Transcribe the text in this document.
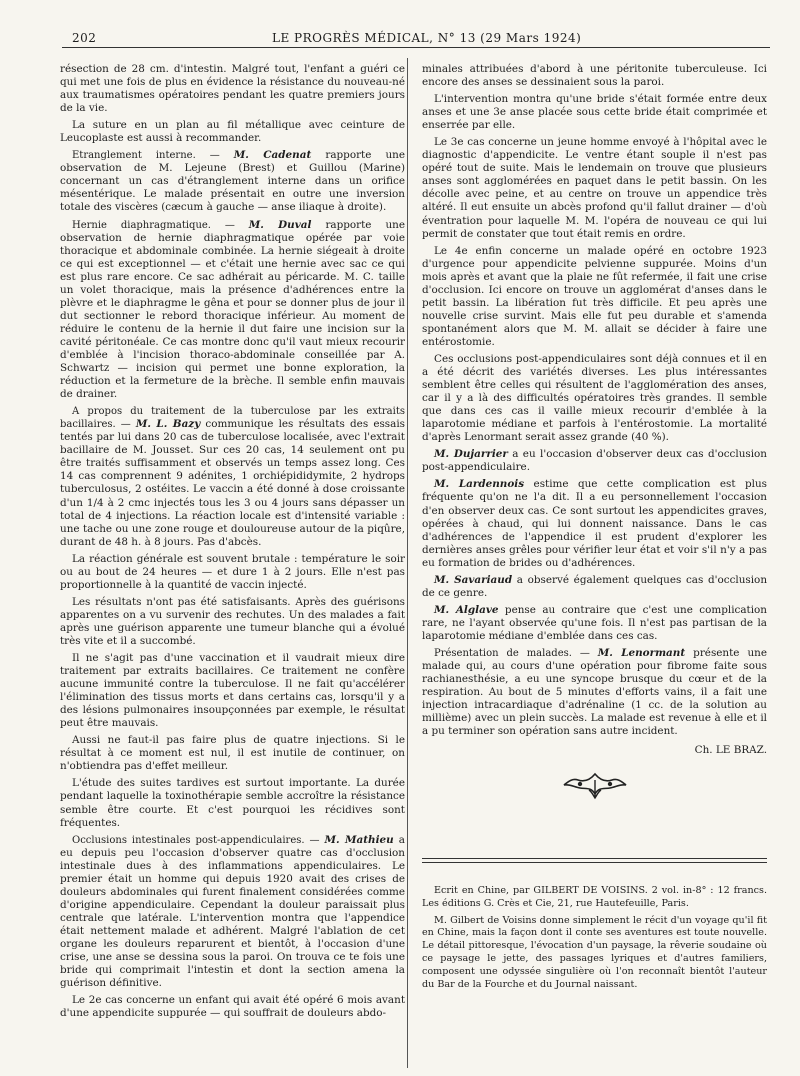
202	LE PROGRÈS MÉDICAL, N° 13 (29 Mars 1924)

résection de 28 cm. d'intestin. Malgré tout, l'enfant a guéri ce qui met une fois de plus en évidence la résistance du nouveau-né aux traumatismes opératoires pendant les quatre premiers jours de la vie.

La suture en un plan au fil métallique avec ceinture de Leucoplaste est aussi à recommander.

Etranglement interne. — M. Cadenat rapporte une observation de M. Lejeune (Brest) et Guillou (Marine) concernant un cas d'étranglement interne dans un orifice mésentérique. Le malade présentait en outre une inversion totale des viscères (cæcum à gauche — anse iliaque à droite).

Hernie diaphragmatique. — M. Duval rapporte une observation de hernie diaphragmatique opérée par voie thoracique et abdominale combinée. La hernie siégeait à droite ce qui est exceptionnel — et c'était une hernie avec sac ce qui est plus rare encore. Ce sac adhérait au péricarde. M. C. taille un volet thoracique, mais la présence d'adhérences entre la plèvre et le diaphragme le gêna et pour se donner plus de jour il dut sectionner le rebord thoracique inférieur. Au moment de réduire le contenu de la hernie il dut faire une incision sur la cavité péritonéale. Ce cas montre donc qu'il vaut mieux recourir d'emblée à l'incision thoraco-abdominale conseillée par A. Schwartz — incision qui permet une bonne exploration, la réduction et la fermeture de la brèche. Il semble enfin mauvais de drainer.

A propos du traitement de la tuberculose par les extraits bacillaires. — M. L. Bazy communique les résultats des essais tentés par lui dans 20 cas de tuberculose localisée, avec l'extrait bacillaire de M. Jousset. Sur ces 20 cas, 14 seulement ont pu être traités suffisamment et observés un temps assez long. Ces 14 cas comprennent 9 adénites, 1 orchiépididymite, 2 hydrops tuberculosus, 2 ostéites. Le vaccin a été donné à dose croissante d'un 1/4 à 2 cmc injectés tous les 3 ou 4 jours sans dépasser un total de 4 injections. La réaction locale est d'intensité variable : une tache ou une zone rouge et douloureuse autour de la piqûre, durant de 48 h. à 8 jours. Pas d'abcès.

La réaction générale est souvent brutale : température le soir ou au bout de 24 heures — et dure 1 à 2 jours. Elle n'est pas proportionnelle à la quantité de vaccin injecté.

Les résultats n'ont pas été satisfaisants. Après des guérisons apparentes on a vu survenir des rechutes. Un des malades a fait après une guérison apparente une tumeur blanche qui a évolué très vite et il a succombé.

Il ne s'agit pas d'une vaccination et il vaudrait mieux dire traitement par extraits bacillaires. Ce traitement ne confère aucune immunité contre la tuberculose. Il ne fait qu'accélérer l'élimination des tissus morts et dans certains cas, lorsqu'il y a des lésions pulmonaires insoupçonnées par exemple, le résultat peut être mauvais.

Aussi ne faut-il pas faire plus de quatre injections. Si le résultat à ce moment est nul, il est inutile de continuer, on n'obtiendra pas d'effet meilleur.

L'étude des suites tardives est surtout importante. La durée pendant laquelle la toxinothérapie semble accroître la résistance semble être courte. Et c'est pourquoi les récidives sont fréquentes.

Occlusions intestinales post-appendiculaires. — M. Mathieu a eu depuis peu l'occasion d'observer quatre cas d'occlusion intestinale dues à des inflammations appendiculaires. Le premier était un homme qui depuis 1920 avait des crises de douleurs abdominales qui furent finalement considérées comme d'origine appendiculaire. Cependant la douleur paraissait plus centrale que latérale. L'intervention montra que l'appendice était nettement malade et adhérent. Malgré l'ablation de cet organe les douleurs reparurent et bientôt, à l'occasion d'une crise, une anse se dessina sous la paroi. On trouva ce te fois une bride qui comprimait l'intestin et dont la section amena la guérison définitive.

Le 2e cas concerne un enfant qui avait été opéré 6 mois avant d'une appendicite suppurée — qui souffrait de douleurs abdo-

minales attribuées d'abord à une péritonite tuberculeuse. Ici encore des anses se dessinaient sous la paroi.

L'intervention montra qu'une bride s'était formée entre deux anses et une 3e anse placée sous cette bride était comprimée et enserrée par elle.

Le 3e cas concerne un jeune homme envoyé à l'hôpital avec le diagnostic d'appendicite. Le ventre étant souple il n'est pas opéré tout de suite. Mais le lendemain on trouve que plusieurs anses sont agglomérées en paquet dans le petit bassin. On les décolle avec peine, et au centre on trouve un appendice très altéré. Il eut ensuite un abcès profond qu'il fallut drainer — d'où éventration pour laquelle M. M. l'opéra de nouveau ce qui lui permit de constater que tout était remis en ordre.

Le 4e enfin concerne un malade opéré en octobre 1923 d'urgence pour appendicite pelvienne suppurée. Moins d'un mois après et avant que la plaie ne fût refermée, il fait une crise d'occlusion. Ici encore on trouve un agglomérat d'anses dans le petit bassin. La libération fut très difficile. Et peu après une nouvelle crise survint. Mais elle fut peu durable et s'amenda spontanément alors que M. M. allait se décider à faire une entérostomie.

Ces occlusions post-appendiculaires sont déjà connues et il en a été décrit des variétés diverses. Les plus intéressantes semblent être celles qui résultent de l'agglomération des anses, car il y a là des difficultés opératoires très grandes. Il semble que dans ces cas il vaille mieux recourir d'emblée à la laparotomie médiane et parfois à l'entérostomie. La mortalité d'après Lenormant serait assez grande (40 %).

M. Dujarrier a eu l'occasion d'observer deux cas d'occlusion post-appendiculaire.

M. Lardennois estime que cette complication est plus fréquente qu'on ne l'a dit. Il a eu personnellement l'occasion d'en observer deux cas. Ce sont surtout les appendicites graves, opérées à chaud, qui lui donnent naissance. Dans le cas d'adhérences de l'appendice il est prudent d'explorer les dernières anses grêles pour vérifier leur état et voir s'il n'y a pas eu formation de brides ou d'adhérences.

M. Savariaud a observé également quelques cas d'occlusion de ce genre.

M. Alglave pense au contraire que c'est une complication rare, ne l'ayant observée qu'une fois. Il n'est pas partisan de la laparotomie médiane d'emblée dans ces cas.

Présentation de malades. — M. Lenormant présente une malade qui, au cours d'une opération pour fibrome faite sous rachianesthésie, a eu une syncope brusque du cœur et de la respiration. Au bout de 5 minutes d'efforts vains, il a fait une injection intracardiaque d'adrénaline (1 cc. de la solution au millième) avec un plein succès. La malade est revenue à elle et il a pu terminer son opération sans autre incident.

Ch. LE BRAZ.

Ecrit en Chine, par GILBERT DE VOISINS. 2 vol. in-8° : 12 francs. Les éditions G. Crès et Cie, 21, rue Hautefeuille, Paris.

M. Gilbert de Voisins donne simplement le récit d'un voyage qu'il fit en Chine, mais la façon dont il conte ses aventures est toute nouvelle. Le détail pittoresque, l'évocation d'un paysage, la rêverie soudaine où ce paysage le jette, des passages lyriques et d'autres familiers, composent une odyssée singulière où l'on reconnaît bientôt l'auteur du Bar de la Fourche et du Journal naissant.
